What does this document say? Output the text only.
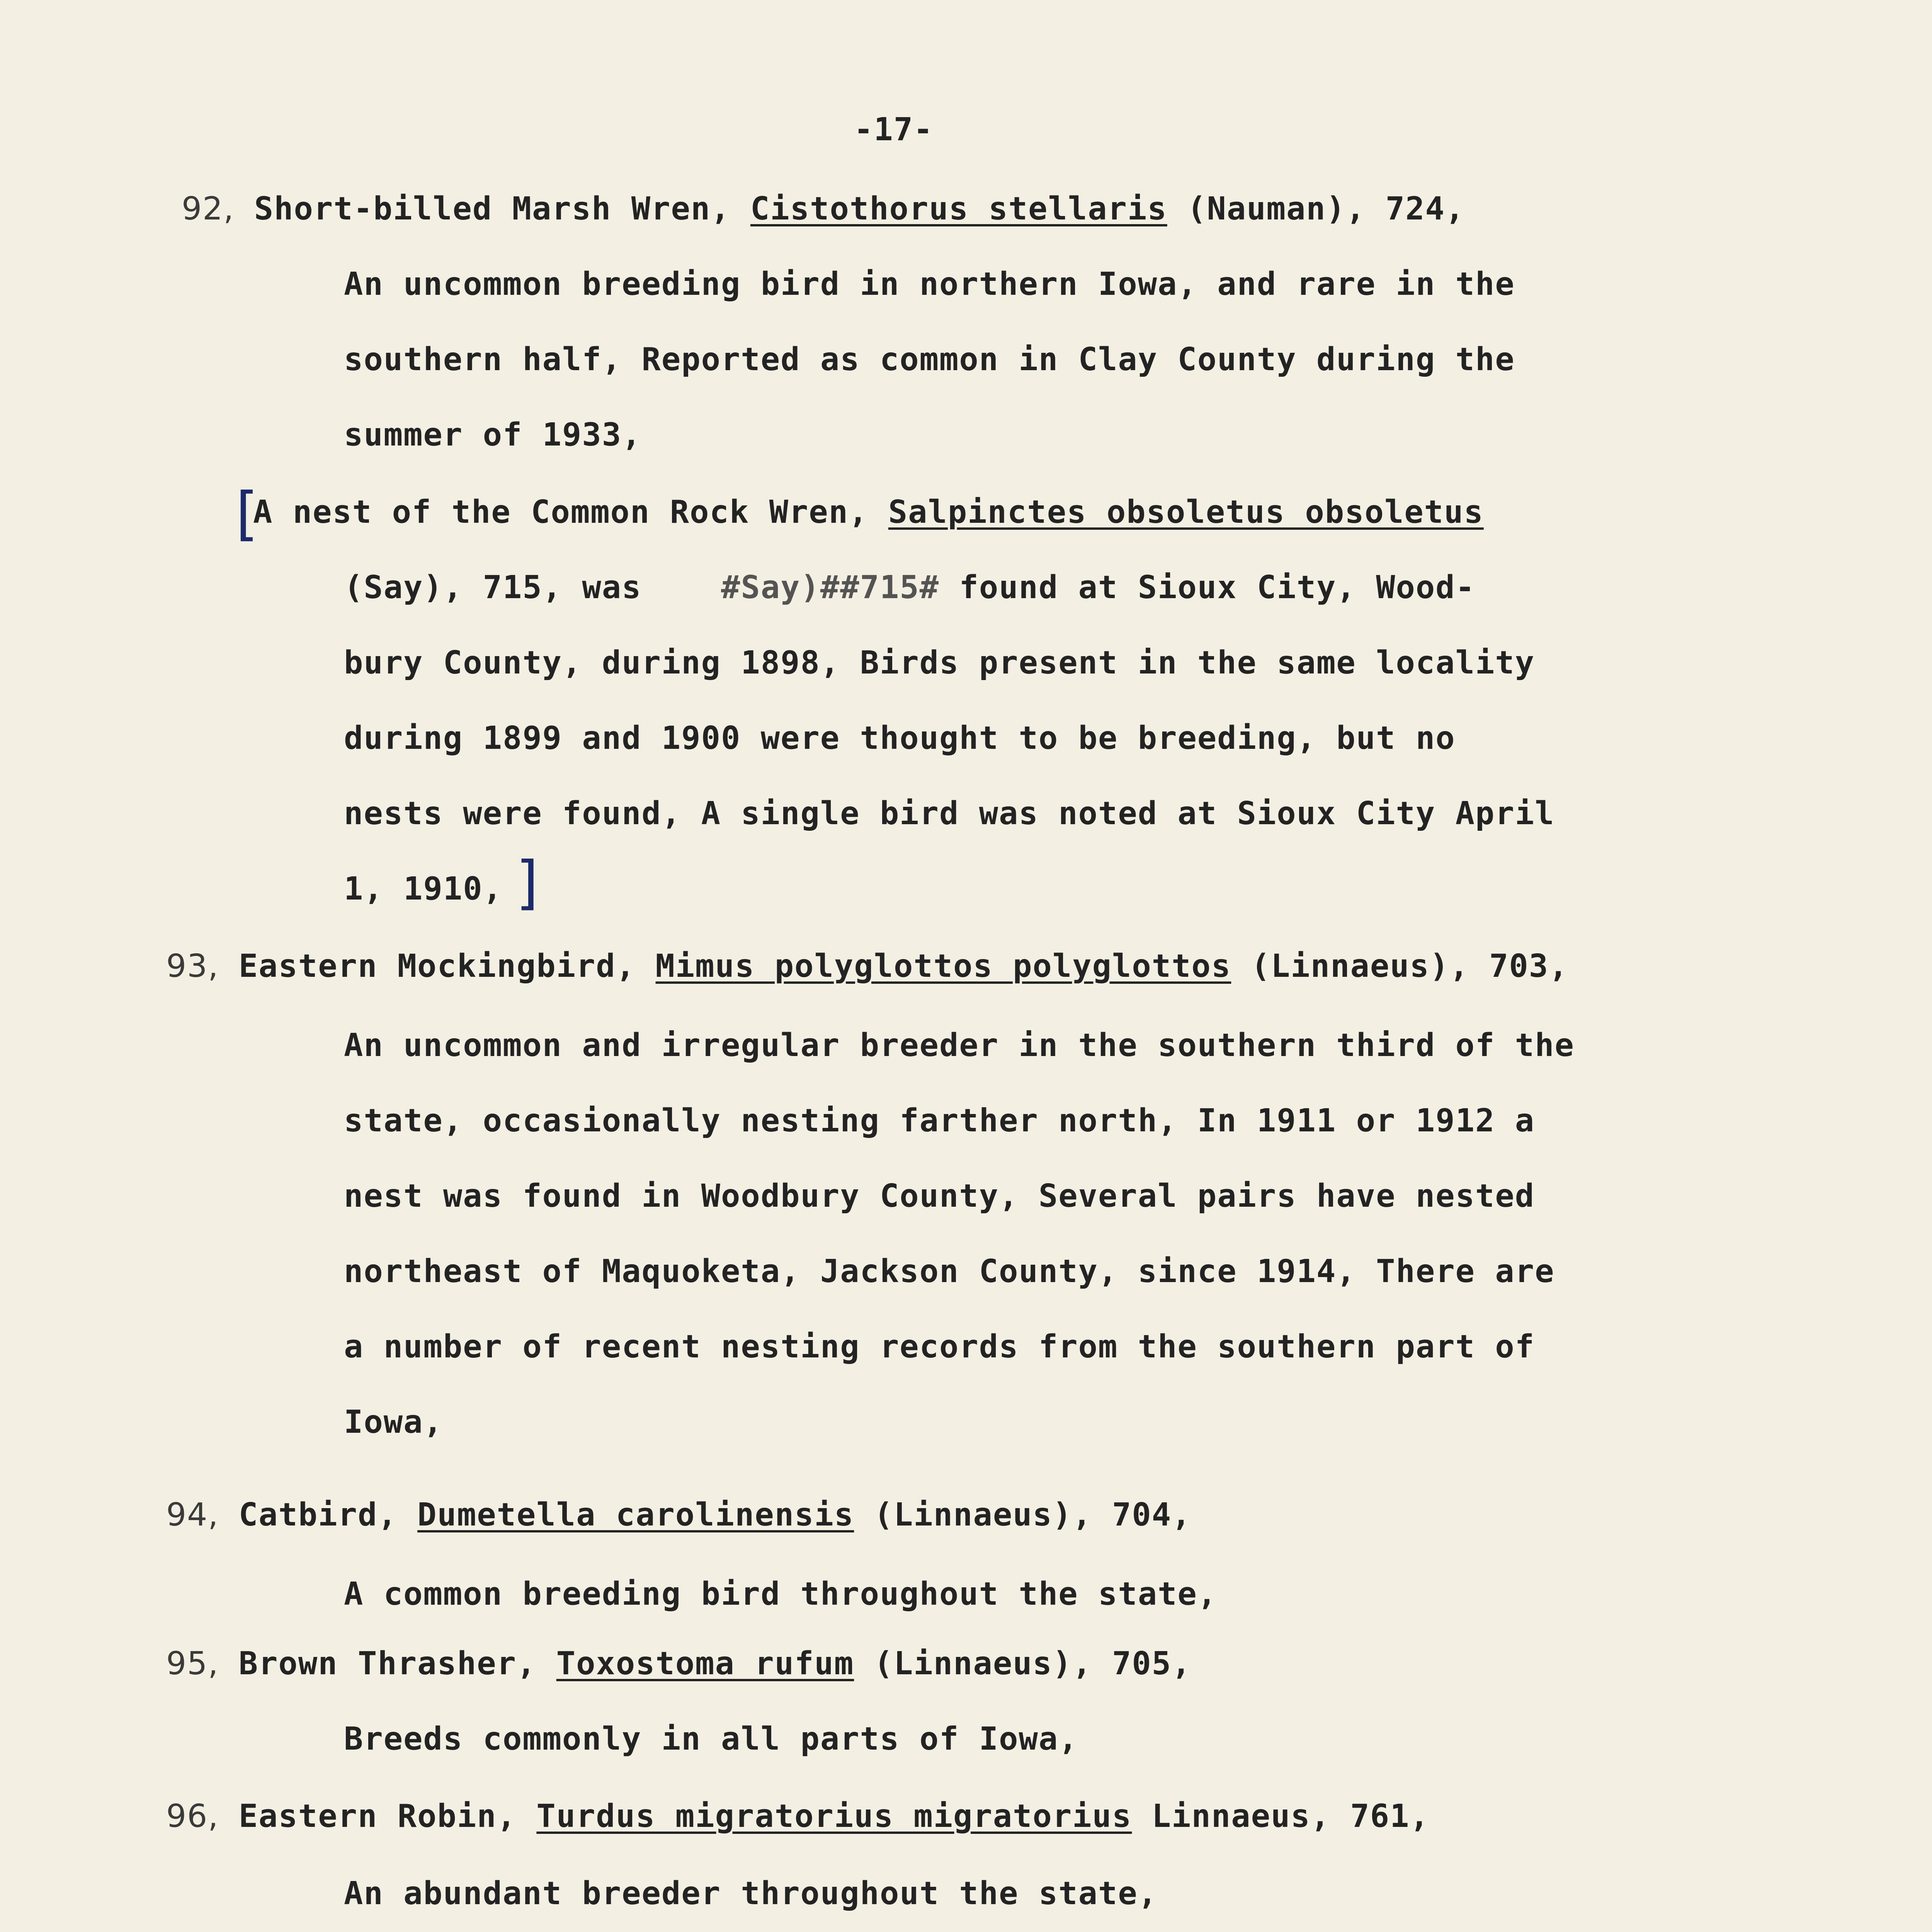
-17-
92, Short-billed Marsh Wren, Cistothorus stellaris (Nauman), 724,
An uncommon breeding bird in northern Iowa, and rare in the
southern half, Reported as common in Clay County during the
summer of 1933,
[
A nest of the Common Rock Wren, Salpinctes obsoletus obsoletus
(Say), 715, was	#Say)##715# found at Sioux City, Wood-
bury County, during 1898, Birds present in the same locality
during 1899 and 1900 were thought to be breeding, but no
nests were found, A single bird was noted at Sioux City April
1, 1910, ]
93, Eastern Mockingbird, Mimus polyglottos polyglottos (Linnaeus), 703,
An uncommon and irregular breeder in the southern third of the
state, occasionally nesting farther north, In 1911 or 1912 a
nest was found in Woodbury County, Several pairs have nested
northeast of Maquoketa, Jackson County, since 1914, There are
a number of recent nesting records from the southern part of
Iowa,
94, Catbird, Dumetella carolinensis (Linnaeus), 704,
A common breeding bird throughout the state,
95, Brown Thrasher, Toxostoma rufum (Linnaeus), 705,
Breeds commonly in all parts of Iowa,
96, Eastern Robin, Turdus migratorius migratorius Linnaeus, 761,
An abundant breeder throughout the state,
